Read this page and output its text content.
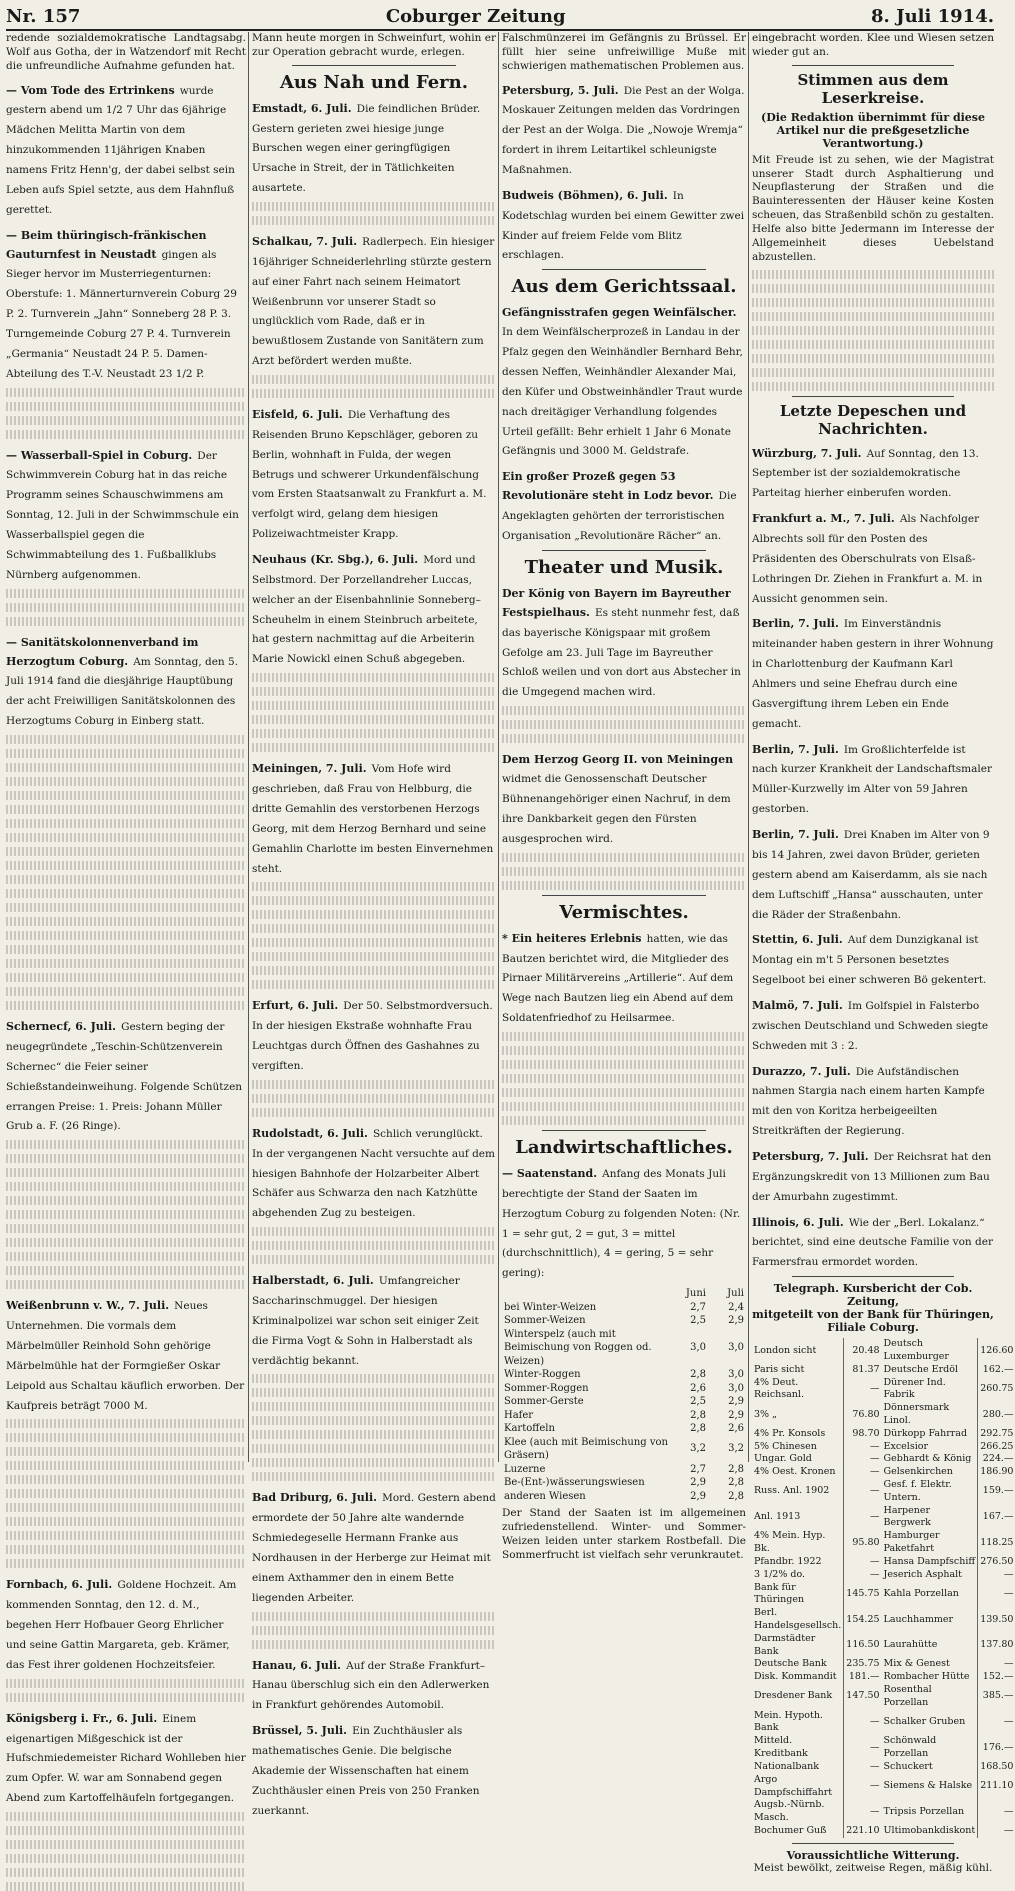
Nr. 157	Coburger Zeitung	8. Juli 1914.

redende sozialdemokratische Landtagsabg. Wolf aus Gotha, der in Watzendorf mit Recht die unfreundliche Aufnahme gefunden hat.

— Vom Tode des Ertrinkens wurde gestern abend um 1/2 7 Uhr das 6jährige Mädchen Melitta Martin von dem hinzukommenden 11jährigen Knaben namens Fritz Henn'g, der dabei selbst sein Leben aufs Spiel setzte, aus dem Hahnfluß gerettet.

— Beim thüringisch-fränkischen Gauturnfest in Neustadt gingen als Sieger hervor im Musterriegenturnen: Oberstufe: 1. Männerturnverein Coburg 29 P. 2. Turnverein „Jahn“ Sonneberg 28 P. 3. Turngemeinde Coburg 27 P. 4. Turnverein „Germania“ Neustadt 24 P. 5. Damen-Abteilung des T.-V. Neustadt 23 1/2 P.

— Wasserball-Spiel in Coburg. Der Schwimmverein Coburg hat in das reiche Programm seines Schauschwimmens am Sonntag, 12. Juli in der Schwimmschule ein Wasserballspiel gegen die Schwimmabteilung des 1. Fußballklubs Nürnberg aufgenommen.

— Sanitätskolonnenverband im Herzogtum Coburg. Am Sonntag, den 5. Juli 1914 fand die diesjährige Hauptübung der acht Freiwilligen Sanitätskolonnen des Herzogtums Coburg in Einberg statt.

Schernecf, 6. Juli. Gestern beging der neugegründete „Teschin-Schützenverein Schernec“ die Feier seiner Schießstandeinweihung. Folgende Schützen errangen Preise: 1. Preis: Johann Müller Grub a. F. (26 Ringe).

Weißenbrunn v. W., 7. Juli. Neues Unternehmen. Die vormals dem Märbelmüller Reinhold Sohn gehörige Märbelmühle hat der Formgießer Oskar Leipold aus Schaltau käuflich erworben. Der Kaufpreis beträgt 7000 M.

Fornbach, 6. Juli. Goldene Hochzeit. Am kommenden Sonntag, den 12. d. M., begehen Herr Hofbauer Georg Ehrlicher und seine Gattin Margareta, geb. Krämer, das Fest ihrer goldenen Hochzeitsfeier.

Königsberg i. Fr., 6. Juli. Einem eigenartigen Mißgeschick ist der Hufschmiedemeister Richard Wohlleben hier zum Opfer. W. war am Sonnabend gegen Abend zum Kartoffelhäufeln fortgegangen.

Mann heute morgen in Schweinfurt, wohin er zur Operation gebracht wurde, erlegen.

Aus Nah und Fern.
Emstadt, 6. Juli. Die feindlichen Brüder. Gestern gerieten zwei hiesige junge Burschen wegen einer geringfügigen Ursache in Streit, der in Tätlichkeiten ausartete.

Schalkau, 7. Juli. Radlerpech. Ein hiesiger 16jähriger Schneiderlehrling stürzte gestern auf einer Fahrt nach seinem Heimatort Weißenbrunn vor unserer Stadt so unglücklich vom Rade, daß er in bewußtlosem Zustande von Sanitätern zum Arzt befördert werden mußte.

Eisfeld, 6. Juli. Die Verhaftung des Reisenden Bruno Kepschläger, geboren zu Berlin, wohnhaft in Fulda, der wegen Betrugs und schwerer Urkundenfälschung vom Ersten Staatsanwalt zu Frankfurt a. M. verfolgt wird, gelang dem hiesigen Polizeiwachtmeister Krapp.

Neuhaus (Kr. Sbg.), 6. Juli. Mord und Selbstmord. Der Porzellandreher Luccas, welcher an der Eisenbahnlinie Sonneberg–Scheuhelm in einem Steinbruch arbeitete, hat gestern nachmittag auf die Arbeiterin Marie Nowickl einen Schuß abgegeben.

Meiningen, 7. Juli. Vom Hofe wird geschrieben, daß Frau von Helbburg, die dritte Gemahlin des verstorbenen Herzogs Georg, mit dem Herzog Bernhard und seine Gemahlin Charlotte im besten Einvernehmen steht.

Erfurt, 6. Juli. Der 50. Selbstmordversuch. In der hiesigen Ekstraße wohnhafte Frau Leuchtgas durch Öffnen des Gashahnes zu vergiften.

Rudolstadt, 6. Juli. Schlich verunglückt. In der vergangenen Nacht versuchte auf dem hiesigen Bahnhofe der Holzarbeiter Albert Schäfer aus Schwarza den nach Katzhütte abgehenden Zug zu besteigen.

Halberstadt, 6. Juli. Umfangreicher Saccharinschmuggel. Der hiesigen Kriminalpolizei war schon seit einiger Zeit die Firma Vogt & Sohn in Halberstadt als verdächtig bekannt.

Bad Driburg, 6. Juli. Mord. Gestern abend ermordete der 50 Jahre alte wandernde Schmiedegeselle Hermann Franke aus Nordhausen in der Herberge zur Heimat mit einem Axthammer den in einem Bette liegenden Arbeiter.

Hanau, 6. Juli. Auf der Straße Frankfurt–Hanau überschlug sich ein den Adlerwerken in Frankfurt gehörendes Automobil.

Brüssel, 5. Juli. Ein Zuchthäusler als mathematisches Genie. Die belgische Akademie der Wissenschaften hat einem Zuchthäusler einen Preis von 250 Franken zuerkannt.

Falschmünzerei im Gefängnis zu Brüssel. Er füllt hier seine unfreiwillige Muße mit schwierigen mathematischen Problemen aus.

Petersburg, 5. Juli. Die Pest an der Wolga. Moskauer Zeitungen melden das Vordringen der Pest an der Wolga. Die „Nowoje Wremja“ fordert in ihrem Leitartikel schleunigste Maßnahmen.

Budweis (Böhmen), 6. Juli. In Kodetschlag wurden bei einem Gewitter zwei Kinder auf freiem Felde vom Blitz erschlagen.

Aus dem Gerichtssaal.
Gefängnisstrafen gegen Weinfälscher.

In dem Weinfälscherprozeß in Landau in der Pfalz gegen den Weinhändler Bernhard Behr, dessen Neffen, Weinhändler Alexander Mai, den Küfer und Obstweinhändler Traut wurde nach dreitägiger Verhandlung folgendes Urteil gefällt: Behr erhielt 1 Jahr 6 Monate Gefängnis und 3000 M. Geldstrafe.

Ein großer Prozeß gegen 53 Revolutionäre steht in Lodz bevor. Die Angeklagten gehörten der terroristischen Organisation „Revolutionäre Rächer“ an.

Theater und Musik.
Der König von Bayern im Bayreuther Festspielhaus. Es steht nunmehr fest, daß das bayerische Königspaar mit großem Gefolge am 23. Juli Tage im Bayreuther Schloß weilen und von dort aus Abstecher in die Umgegend machen wird.

Dem Herzog Georg II. von Meiningen

widmet die Genossenschaft Deutscher Bühnenangehöriger einen Nachruf, in dem ihre Dankbarkeit gegen den Fürsten ausgesprochen wird.

Vermischtes.
* Ein heiteres Erlebnis hatten, wie das Bautzen berichtet wird, die Mitglieder des Pirnaer Militärvereins „Artillerie“. Auf dem Wege nach Bautzen lieg ein Abend auf dem Soldatenfriedhof zu Heilsarmee.

Landwirtschaftliches.
— Saatenstand. Anfang des Monats Juli berechtigte der Stand der Saaten im Herzogtum Coburg zu folgenden Noten: (Nr. 1 = sehr gut, 2 = gut, 3 = mittel (durchschnittlich), 4 = gering, 5 = sehr gering):

	Juni	Juli
bei Winter-Weizen	2,7	2,4
Sommer-Weizen	2,5	2,9
Winterspelz (auch mit Beimischung von Roggen od. Weizen)	3,0	3,0
Winter-Roggen	2,8	3,0
Sommer-Roggen	2,6	3,0
Sommer-Gerste	2,5	2,9
Hafer	2,8	2,9
Kartoffeln	2,8	2,6
Klee (auch mit Beimischung von Gräsern)	3,2	3,2
Luzerne	2,7	2,8
Be-(Ent-)wässerungswiesen	2,9	2,8
anderen Wiesen	2,9	2,8

Der Stand der Saaten ist im allgemeinen zufriedenstellend. Winter- und Sommer-Weizen leiden unter starkem Rostbefall. Die Sommerfrucht ist vielfach sehr verunkrautet.

eingebracht worden. Klee und Wiesen setzen wieder gut an.

Stimmen aus dem Leserkreise.
(Die Redaktion übernimmt für diese Artikel nur die preßgesetzliche Verantwortung.)

Mit Freude ist zu sehen, wie der Magistrat unserer Stadt durch Asphaltierung und Neupflasterung der Straßen und die Bauinteressenten der Häuser keine Kosten scheuen, das Straßenbild schön zu gestalten. Helfe also bitte Jedermann im Interesse der Allgemeinheit dieses Uebelstand abzustellen.

Letzte Depeschen und Nachrichten.
Würzburg, 7. Juli. Auf Sonntag, den 13. September ist der sozialdemokratische Parteitag hierher einberufen worden.

Frankfurt a. M., 7. Juli. Als Nachfolger Albrechts soll für den Posten des Präsidenten des Oberschulrats von Elsaß-Lothringen Dr. Ziehen in Frankfurt a. M. in Aussicht genommen sein.

Berlin, 7. Juli. Im Einverständnis miteinander haben gestern in ihrer Wohnung in Charlottenburg der Kaufmann Karl Ahlmers und seine Ehefrau durch eine Gasvergiftung ihrem Leben ein Ende gemacht.

Berlin, 7. Juli. Im Großlichterfelde ist nach kurzer Krankheit der Landschaftsmaler Müller-Kurzwelly im Alter von 59 Jahren gestorben.

Berlin, 7. Juli. Drei Knaben im Alter von 9 bis 14 Jahren, zwei davon Brüder, gerieten gestern abend am Kaiserdamm, als sie nach dem Luftschiff „Hansa“ ausschauten, unter die Räder der Straßenbahn.

Stettin, 6. Juli. Auf dem Dunzigkanal ist Montag ein m't 5 Personen besetztes Segelboot bei einer schweren Bö gekentert.

Malmö, 7. Juli. Im Golfspiel in Falsterbo zwischen Deutschland und Schweden siegte Schweden mit 3 : 2.

Durazzo, 7. Juli. Die Aufständischen nahmen Stargia nach einem harten Kampfe mit den von Koritza herbeigeeilten Streitkräften der Regierung.

Petersburg, 7. Juli. Der Reichsrat hat den Ergänzungskredit von 13 Millionen zum Bau der Amurbahn zugestimmt.

Illinois, 6. Juli. Wie der „Berl. Lokalanz.“ berichtet, sind eine deutsche Familie von der Farmersfrau ermordet worden.

Telegraph. Kursbericht der Cob. Zeitung,
mitgeteilt von der Bank für Thüringen, Filiale Coburg.
London sicht	20.48	Deutsch Luxemburger	126.60
Paris sicht	81.37	Deutsche Erdöl	162.—
4% Deut. Reichsanl.	—	Dürener Ind. Fabrik	260.75
3% „	76.80	Dönnersmark Linol.	280.—
4% Pr. Konsols	98.70	Dürkopp Fahrrad	292.75
5% Chinesen	—	Excelsior	266.25
Ungar. Gold	—	Gebhardt & König	224.—
4% Oest. Kronen	—	Gelsenkirchen	186.90
Russ. Anl. 1902	—	Gesf. f. Elektr. Untern.	159.—
Anl. 1913	—	Harpener Bergwerk	167.—
4% Mein. Hyp. Bk.	95.80	Hamburger Paketfahrt	118.25
Pfandbr. 1922	—	Hansa Dampfschiff	276.50
3 1/2% do.	—	Jeserich Asphalt	—
Bank für Thüringen	145.75	Kahla Porzellan	—
Berl. Handelsgesellsch.	154.25	Lauchhammer	139.50
Darmstädter Bank	116.50	Laurahütte	137.80
Deutsche Bank	235.75	Mix & Genest	—
Disk. Kommandit	181.—	Rombacher Hütte	152.—
Dresdener Bank	147.50	Rosenthal Porzellan	385.—
Mein. Hypoth. Bank	—	Schalker Gruben	—
Mitteld. Kreditbank	—	Schönwald Porzellan	176.—
Nationalbank	—	Schuckert	168.50
Argo Dampfschiffahrt	—	Siemens & Halske	211.10
Augsb.-Nürnb. Masch.	—	Tripsis Porzellan	—
Bochumer Guß	221.10	Ultimobankdiskont	—
Voraussichtliche Witterung.

Meist bewölkt, zeitweise Regen, mäßig kühl.
